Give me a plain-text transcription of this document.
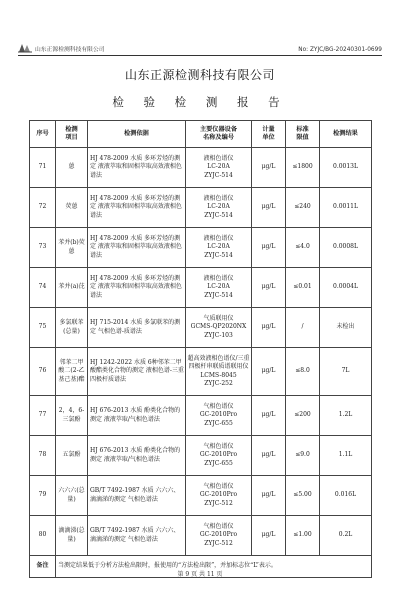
山东正源检测科技有限公司	No: ZYJC/BG-20240301-0699
山东正源检测科技有限公司
检 验 检 测 报 告
序号	检测
项目	检测依据	主要仪器设备
名称及编号	计量
单位	标准
限值	检测结果
71	蒽	HJ 478-2009 水质 多环芳烃的测定 液液萃取和固相萃取高效液相色谱法	液相色谱仪
LC-20A
ZYJC-514	μg/L	≤1800	0.0013L
72	荧蒽	HJ 478-2009 水质 多环芳烃的测定 液液萃取和固相萃取高效液相色谱法	液相色谱仪
LC-20A
ZYJC-514	μg/L	≤240	0.0011L
73	苯并(b)荧蒽	HJ 478-2009 水质 多环芳烃的测定 液液萃取和固相萃取高效液相色谱法	液相色谱仪
LC-20A
ZYJC-514	μg/L	≤4.0	0.0008L
74	苯并(a)芘	HJ 478-2009 水质 多环芳烃的测定 液液萃取和固相萃取高效液相色谱法	液相色谱仪
LC-20A
ZYJC-514	μg/L	≤0.01	0.0004L
75	多氯联苯(总量)	HJ 715-2014 水质 多氯联苯的测定 气相色谱-质谱法	气质联用仪
GCMS-QP2020NX
ZYJC-103	μg/L	/	未检出
76	邻苯二甲酸二(2-乙基己基)酯	HJ 1242-2022 水质 6种邻苯二甲酸酯类化合物的测定 液相色谱-三重四极杆质谱法	超高效液相色谱仪/三重四极杆串联质谱联用仪
LCMS-8045
ZYJC-252	μg/L	≤8.0	7L
77	2，4，6-三氯酚	HJ 676-2013 水质 酚类化合物的测定 液液萃取/气相色谱法	气相色谱仪
GC-2010Pro
ZYJC-655	μg/L	≤200	1.2L
78	五氯酚	HJ 676-2013 水质 酚类化合物的测定 液液萃取/气相色谱法	气相色谱仪
GC-2010Pro
ZYJC-655	μg/L	≤9.0	1.1L
79	六六六(总量)	GB/T 7492-1987 水质 六六六、滴滴涕的测定 气相色谱法	气相色谱仪
GC-2010Pro
ZYJC-512	μg/L	≤5.00	0.016L
80	滴滴涕(总量)	GB/T 7492-1987 水质 六六六、滴滴涕的测定 气相色谱法	气相色谱仪
GC-2010Pro
ZYJC-512	μg/L	≤1.00	0.2L
备注	当测定结果低于分析方法检出限时，报使用的“方法检出限”，并加标志位“L”表示。					
第 9 页 共 11 页
